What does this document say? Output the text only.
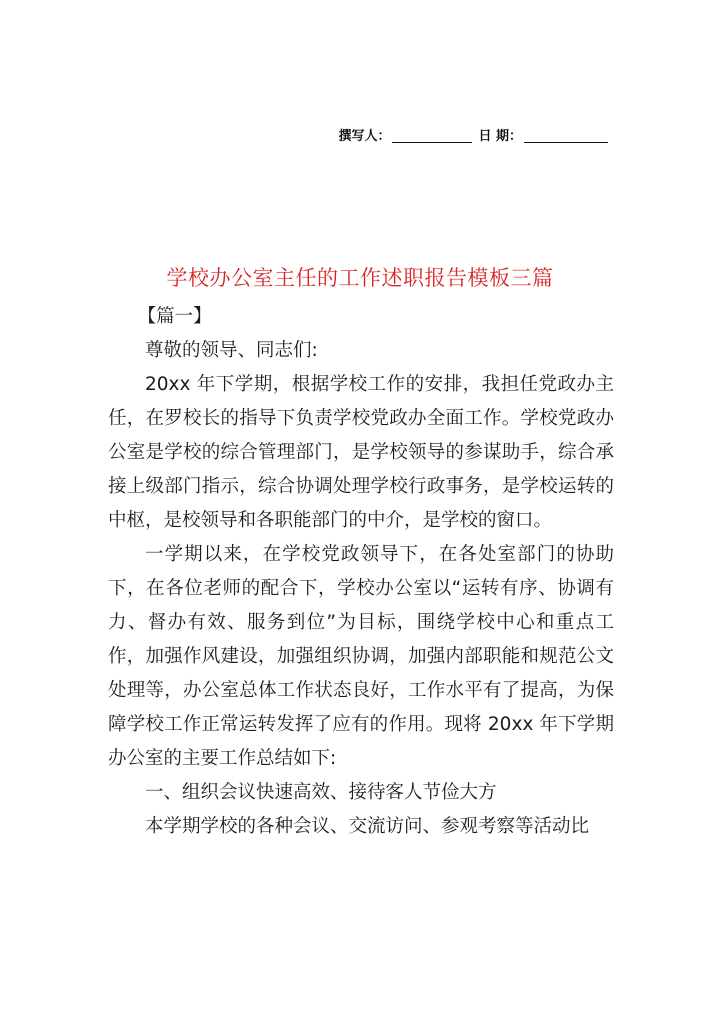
撰写人：	日 期：
学校办公室主任的工作述职报告模板三篇

【篇一】

尊敬的领导、同志们:

20xx 年下学期，根据学校工作的安排，我担任党政办主任，在罗校长的指导下负责学校党政办全面工作。学校党政办公室是学校的综合管理部门，是学校领导的参谋助手，综合承接上级部门指示，综合协调处理学校行政事务，是学校运转的中枢，是校领导和各职能部门的中介，是学校的窗口。

一学期以来，在学校党政领导下，在各处室部门的协助下，在各位老师的配合下，学校办公室以“运转有序、协调有力、督办有效、服务到位”为目标，围绕学校中心和重点工作，加强作风建设，加强组织协调，加强内部职能和规范公文处理等，办公室总体工作状态良好，工作水平有了提高，为保障学校工作正常运转发挥了应有的作用。现将 20xx 年下学期办公室的主要工作总结如下:

一、组织会议快速高效、接待客人节俭大方

本学期学校的各种会议、交流访问、参观考察等活动比
